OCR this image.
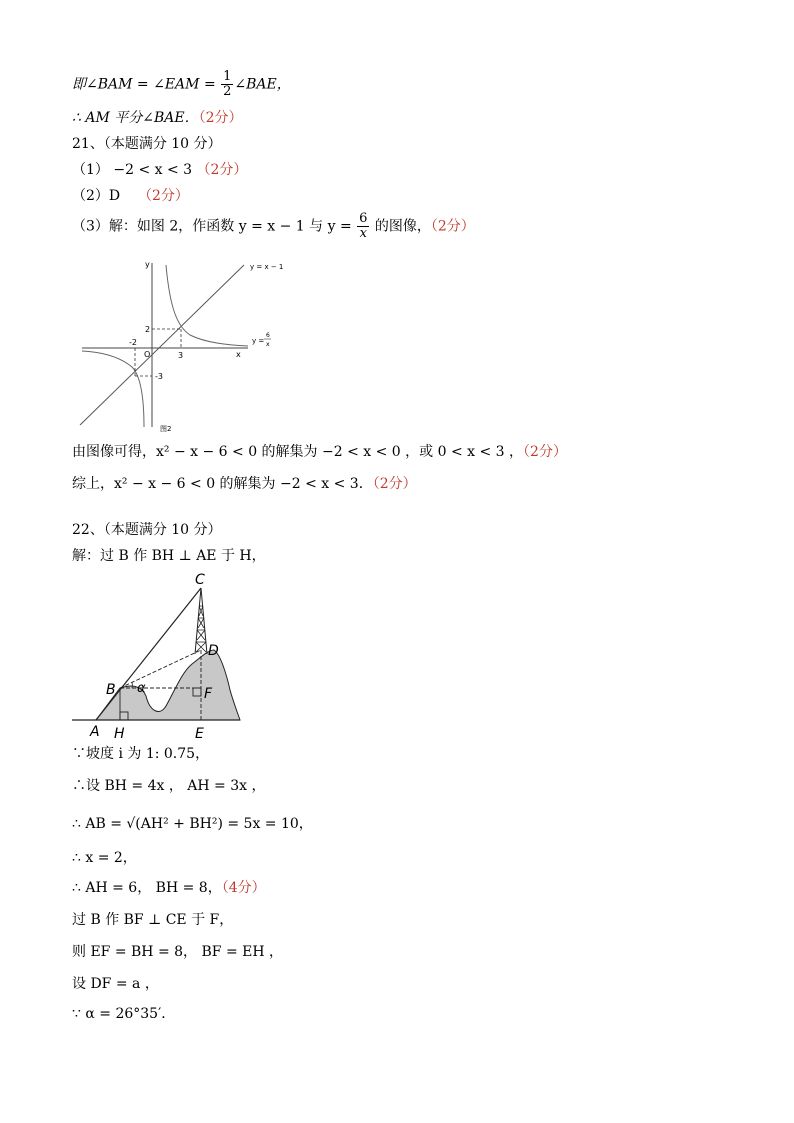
即∠BAM = ∠EAM = $\frac{1}{2}$ ∠BAE，
∴ AM 平分∠BAE．（2分）
21、（本题满分 10 分）
（1） −2 < x < 3 （2分）
（2）D （2分）
（3）解：如图 2，作函数 y = x − 1 与 $y = \frac{6}{x}$ 的图像，（2分）
y
x
O
y = x − 1
y =
6
x
-2
3
2
-3
图2
由图像可得，x² − x − 6 < 0 的解集为 −2 < x < 0 ，或 0 < x < 3 ，（2分）
综上，x² − x − 6 < 0 的解集为 −2 < x < 3．（2分）
22、（本题满分 10 分）
解：过 B 作 BH ⊥ AE 于 H，
C
D
B α	F
A H	E
∵坡度 i 为 1: 0.75，
∴设 BH = 4x ， AH = 3x ，
∴ AB = √(AH² + BH²) = 5x = 10，
∴ x = 2，
∴ AH = 6， BH = 8，（4分）
过 B 作 BF ⊥ CE 于 F，
则 EF = BH = 8， BF = EH ，
设 DF = a ，
∵ α = 26°35′．
